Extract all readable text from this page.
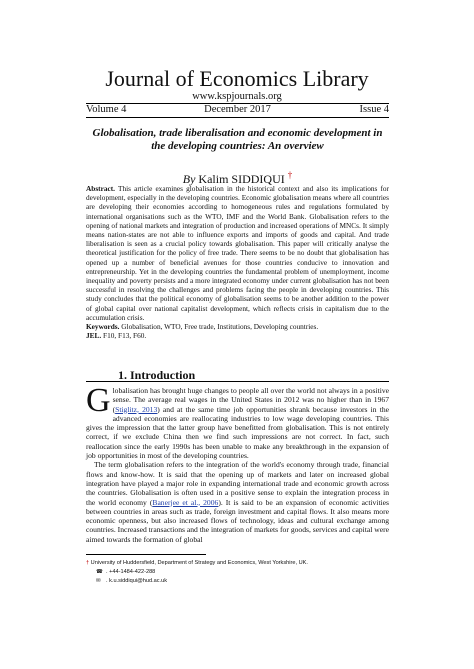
Journal of Economics Library
www.kspjournals.org
Volume 4	December 2017	Issue 4
Globalisation, trade liberalisation and economic development in the developing countries: An overview
By Kalim SIDDIQUI †
Abstract. This article examines globalisation in the historical context and also its implications for development, especially in the developing countries. Economic globalisation means where all countries are developing their economies according to homogeneous rules and regulations formulated by international organisations such as the WTO, IMF and the World Bank. Globalisation refers to the opening of national markets and integration of production and increased operations of MNCs. It simply means nation-states are not able to influence exports and imports of goods and capital. And trade liberalisation is seen as a crucial policy towards globalisation. This paper will critically analyse the theoretical justification for the policy of free trade. There seems to be no doubt that globalisation has opened up a number of beneficial avenues for those countries conducive to innovation and entrepreneurship. Yet in the developing countries the fundamental problem of unemployment, income inequality and poverty persists and a more integrated economy under current globalisation has not been successful in resolving the challenges and problems facing the people in developing countries. This study concludes that the political economy of globalisation seems to be another addition to the power of global capital over national capitalist development, which reflects crisis in capitalism due to the accumulation crisis.
Keywords. Globalisation, WTO, Free trade, Institutions, Developing countries.
JEL. F10, F13, F60.
1. Introduction

Globalisation has brought huge changes to people all over the world not always in a positive sense. The average real wages in the United States in 2012 was no higher than in 1967 (Stiglitz, 2013) and at the same time job opportunities shrank because investors in the advanced economies are reallocating industries to low wage developing countries. This gives the impression that the latter group have benefitted from globalisation. This is not entirely correct, if we exclude China then we find such impressions are not correct. In fact, such reallocation since the early 1990s has been unable to make any breakthrough in the expansion of job opportunities in most of the developing countries.

The term globalisation refers to the integration of the world's economy through trade, financial flows and know-how. It is said that the opening up of markets and later on increased global integration have played a major role in expanding international trade and economic growth across the countries. Globalisation is often used in a positive sense to explain the integration process in the world economy (Banerjee et al., 2006). It is said to be an expansion of economic activities between countries in areas such as trade, foreign investment and capital flows. It also means more economic openness, but also increased flows of technology, ideas and cultural exchange among countries. Increased transactions and the integration of markets for goods, services and capital were aimed towards the formation of global

† University of Huddersfield, Department of Strategy and Economics, West Yorkshire, UK.
☎ . +44-1484-422-288
✉ . k.u.siddiqui@hud.ac.uk
